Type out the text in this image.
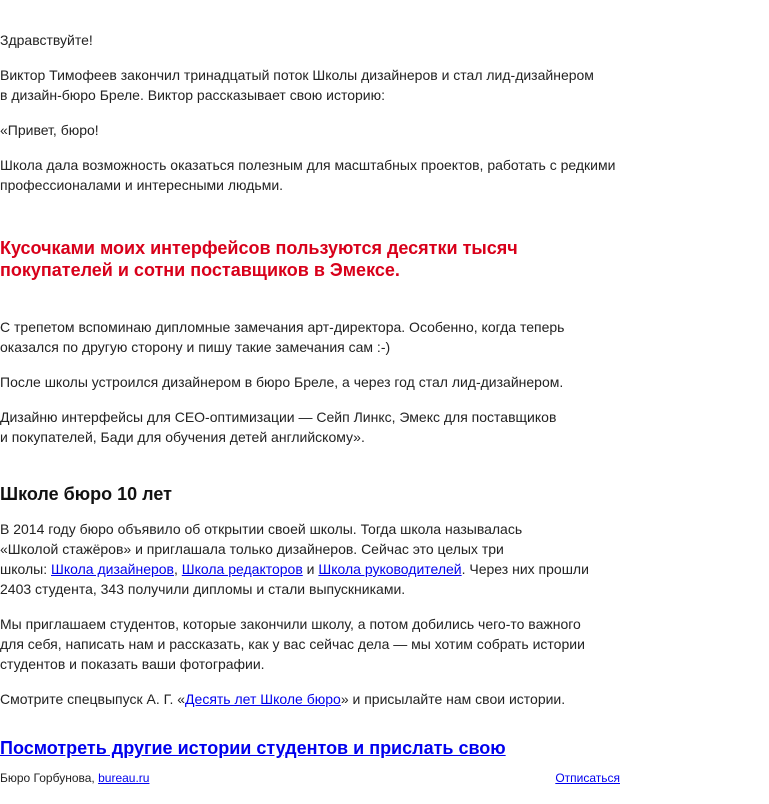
Здравствуйте!

Виктор Тимофеев закончил тринадцатый поток Школы дизайнеров и стал лид-дизайнером
в дизайн-бюро Бреле. Виктор рассказывает свою историю:

«Привет, бюро!

Школа дала возможность оказаться полезным для масштабных проектов, работать с редкими
профессионалами и интересными людьми.

Кусочками моих интерфейсов пользуются десятки тысяч
покупателей и сотни поставщиков в Эмексе.

С трепетом вспоминаю дипломные замечания арт-директора. Особенно, когда теперь
оказался по другую сторону и пишу такие замечания сам :-)

После школы устроился дизайнером в бюро Бреле, а через год стал лид-дизайнером.

Дизайню интерфейсы для СЕО-оптимизации — Сейп Линкс, Эмекс для поставщиков
и покупателей, Бади для обучения детей английскому».

Школе бюро 10 лет

В 2014 году бюро объявило об открытии своей школы. Тогда школа называлась
«Школой стажёров» и приглашала только дизайнеров. Сейчас это целых три
школы: Школа дизайнеров, Школа редакторов и Школа руководителей. Через них прошли
2403 студента, 343 получили дипломы и стали выпускниками.

Мы приглашаем студентов, которые закончили школу, а потом добились чего-то важного
для себя, написать нам и рассказать, как у вас сейчас дела — мы хотим собрать истории
студентов и показать ваши фотографии.

Смотрите спецвыпуск А. Г. «Десять лет Школе бюро» и присылайте нам свои истории.

Посмотреть другие истории студентов и прислать свою
Бюро Горбунова, bureau.ru	Отписаться
